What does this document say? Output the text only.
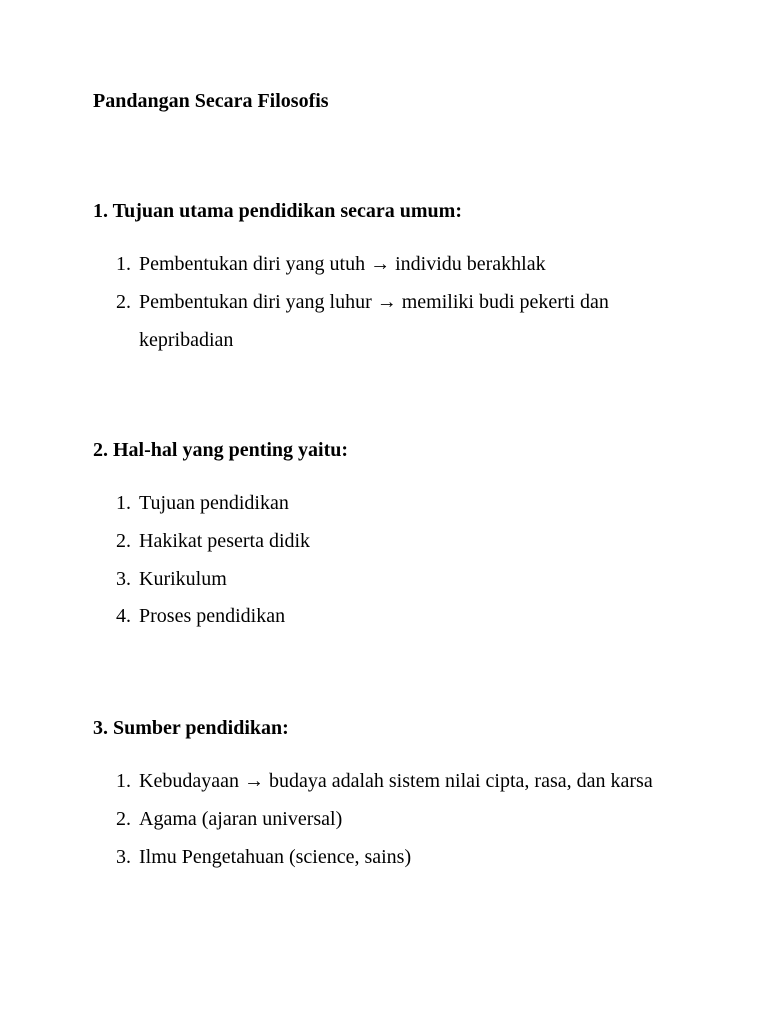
Pandangan Secara Filosofis
1. Tujuan utama pendidikan secara umum:
1. Pembentukan diri yang utuh → individu berakhlak
2. Pembentukan diri yang luhur → memiliki budi pekerti dan kepribadian
2. Hal-hal yang penting yaitu:
1. Tujuan pendidikan
2. Hakikat peserta didik
3. Kurikulum
4. Proses pendidikan
3. Sumber pendidikan:
1. Kebudayaan → budaya adalah sistem nilai cipta, rasa, dan karsa
2. Agama (ajaran universal)
3. Ilmu Pengetahuan (science, sains)
